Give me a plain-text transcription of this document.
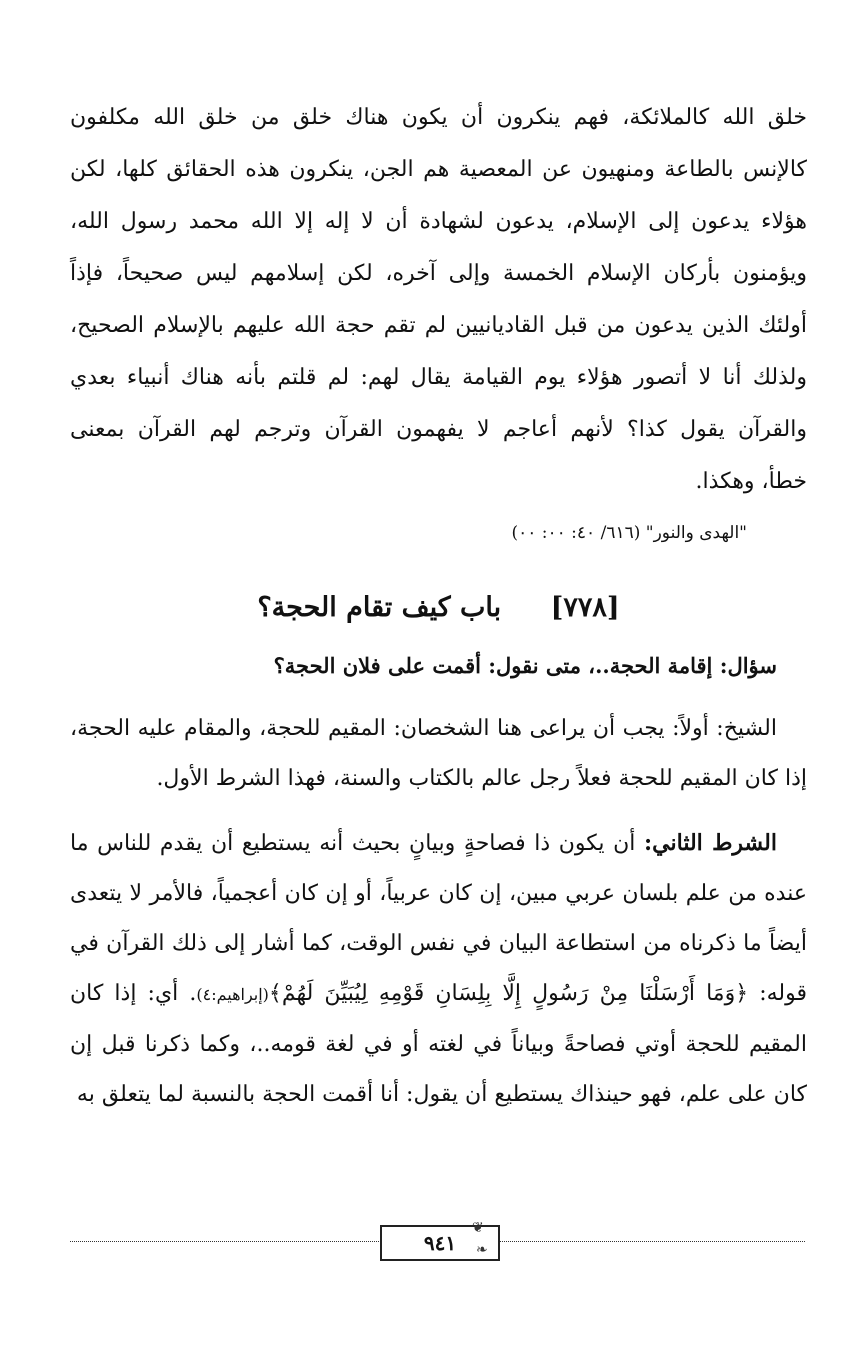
خلق الله كالملائكة، فهم ينكرون أن يكون هناك خلق من خلق الله مكلفون
كالإنس بالطاعة ومنهيون عن المعصية هم الجن، ينكرون هذه الحقائق كلها، لكن
هؤلاء يدعون إلى الإسلام، يدعون لشهادة أن لا إله إلا الله محمد رسول الله،
ويؤمنون بأركان الإسلام الخمسة وإلى آخره، لكن إسلامهم ليس صحيحاً، فإذاً
أولئك الذين يدعون من قبل القاديانيين لم تقم حجة الله عليهم بالإسلام الصحيح،
ولذلك أنا لا أتصور هؤلاء يوم القيامة يقال لهم: لم قلتم بأنه هناك أنبياء بعدي
والقرآن يقول كذا؟ لأنهم أعاجم لا يفهمون القرآن وترجم لهم القرآن بمعنى
خطأ، وهكذا.

"الهدى والنور" (٦١٦/ ٤٠: ٠٠: ٠٠)

[٧٧٨] باب كيف تقام الحجة؟

سؤال: إقامة الحجة..، متى نقول: أقمت على فلان الحجة؟

الشيخ: أولاً: يجب أن يراعى هنا الشخصان: المقيم للحجة، والمقام عليه الحجة، إذا كان المقيم للحجة فعلاً رجل عالم بالكتاب والسنة، فهذا الشرط الأول.

الشرط الثاني: أن يكون ذا فصاحةٍ وبيانٍ بحيث أنه يستطيع أن يقدم للناس ما عنده من علم بلسان عربي مبين، إن كان عربياً، أو إن كان أعجمياً، فالأمر لا يتعدى أيضاً ما ذكرناه من استطاعة البيان في نفس الوقت، كما أشار إلى ذلك القرآن في قوله: ﴿وَمَا أَرْسَلْنَا مِنْ رَسُولٍ إِلَّا بِلِسَانِ قَوْمِهِ لِيُبَيِّنَ لَهُمْ﴾(إبراهيم:٤). أي: إذا كان المقيم للحجة أوتي فصاحةً وبياناً في لغته أو في لغة قومه..، وكما ذكرنا قبل إن كان على علم، فهو حينذاك يستطيع أن يقول: أنا أقمت الحجة بالنسبة لما يتعلق به

٩٤١
❦
❧
